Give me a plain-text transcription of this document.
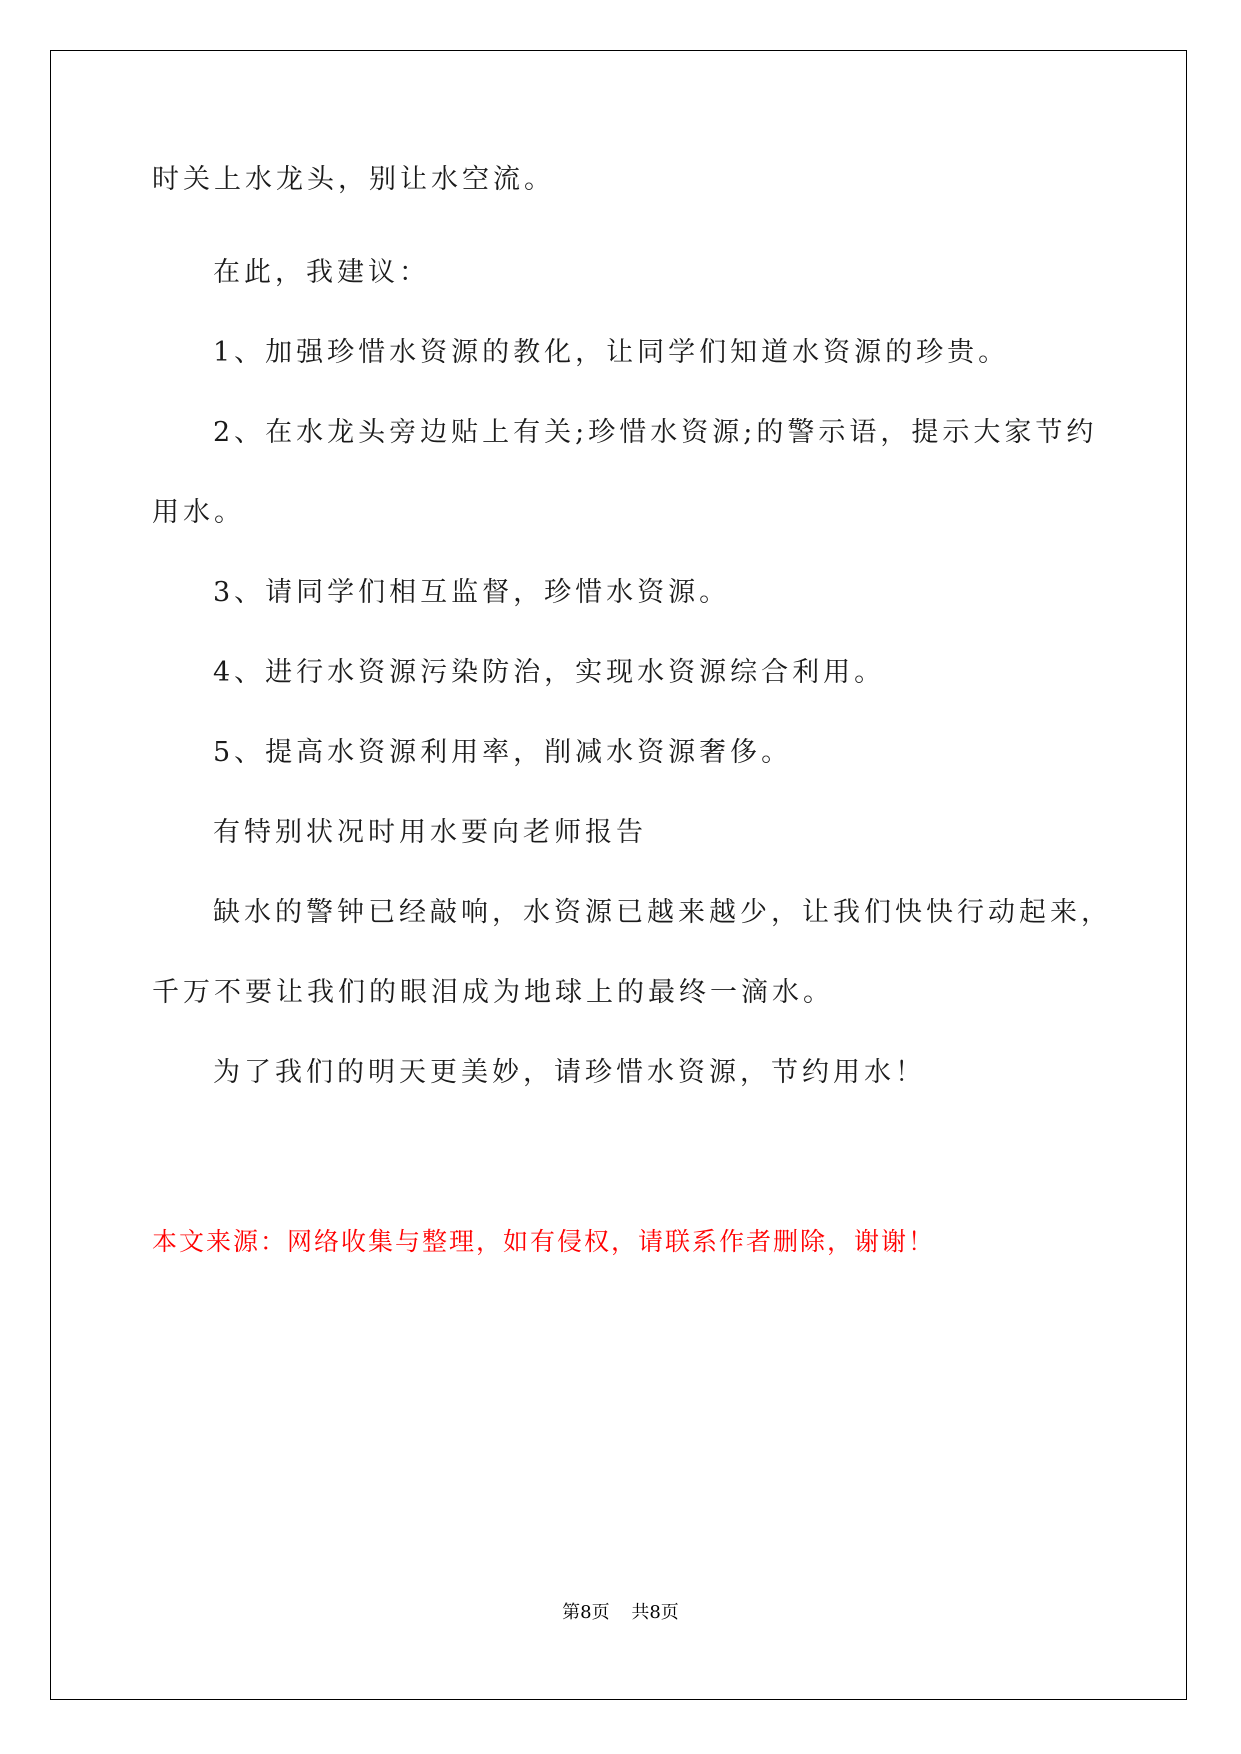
时关上水龙头，别让水空流。

在此，我建议：

1、加强珍惜水资源的教化，让同学们知道水资源的珍贵。

2、在水龙头旁边贴上有关;珍惜水资源;的警示语，提示大家节约

用水。

3、请同学们相互监督，珍惜水资源。

4、进行水资源污染防治，实现水资源综合利用。

5、提高水资源利用率，削减水资源奢侈。

有特别状况时用水要向老师报告

缺水的警钟已经敲响，水资源已越来越少，让我们快快行动起来，

千万不要让我们的眼泪成为地球上的最终一滴水。

为了我们的明天更美妙，请珍惜水资源，节约用水！

本文来源：网络收集与整理，如有侵权，请联系作者删除，谢谢！

第8页 共8页
